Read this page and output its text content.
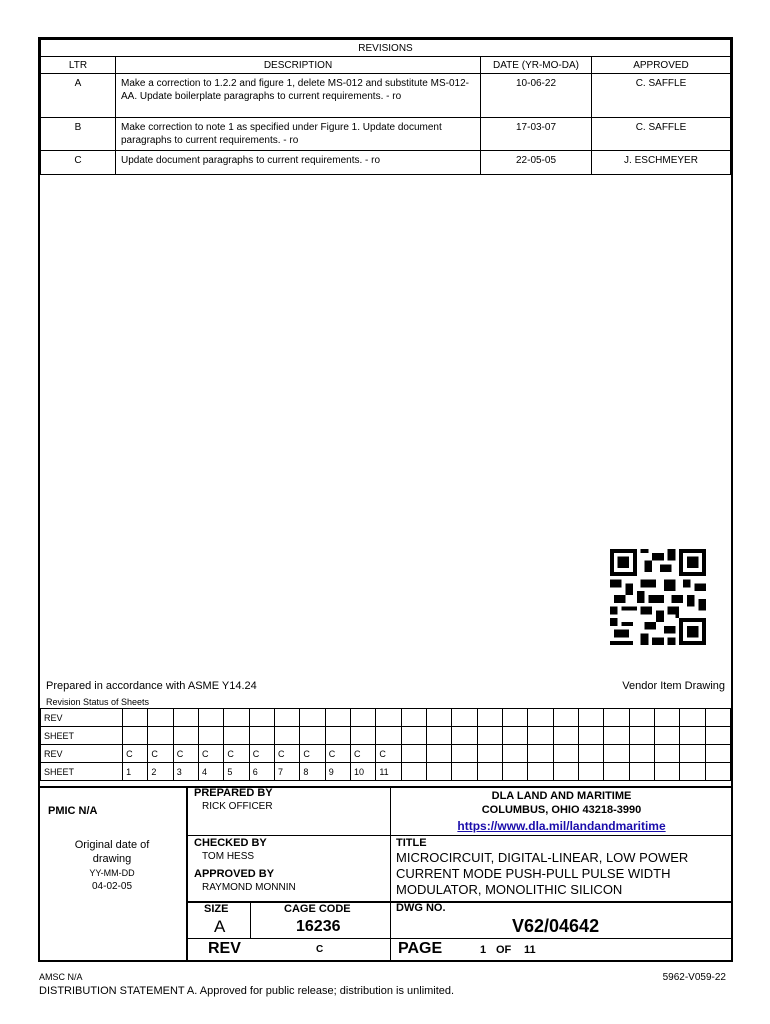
REVISIONS			
LTR	DESCRIPTION	DATE (YR-MO-DA)	APPROVED
A	Make a correction to 1.2.2 and figure 1, delete MS-012 and substitute MS-012-AA. Update boilerplate paragraphs to current requirements. - ro	10-06-22	C. SAFFLE
B	Make correction to note 1 as specified under Figure 1. Update document paragraphs to current requirements. - ro	17-03-07	C. SAFFLE
C	Update document paragraphs to current requirements. - ro	22-05-05	J. ESCHMEYER
Prepared in accordance with ASME Y14.24	Vendor Item Drawing
Revision Status of Sheets
REV																								
SHEET																								
REV	C	C	C	C	C	C	C	C	C	C	C													
SHEET	1	2	3	4	5	6	7	8	9	10	11													
PMIC N/A
Original date of drawing
YY-MM-DD
04-02-05
PREPARED BY
RICK OFFICER
CHECKED BY
TOM HESS
APPROVED BY
RAYMOND MONNIN
DLA LAND AND MARITIME
COLUMBUS, OHIO 43218-3990
https://www.dla.mil/landandmaritime
TITLE
MICROCIRCUIT, DIGITAL-LINEAR, LOW POWER CURRENT MODE PUSH-PULL PULSE WIDTH MODULATOR, MONOLITHIC SILICON
DWG NO.
V62/04642
SIZE
A
CAGE CODE
16236
REV	C	PAGE	1 OF 11
AMSC N/A
DISTRIBUTION STATEMENT A. Approved for public release; distribution is unlimited.
5962-V059-22
